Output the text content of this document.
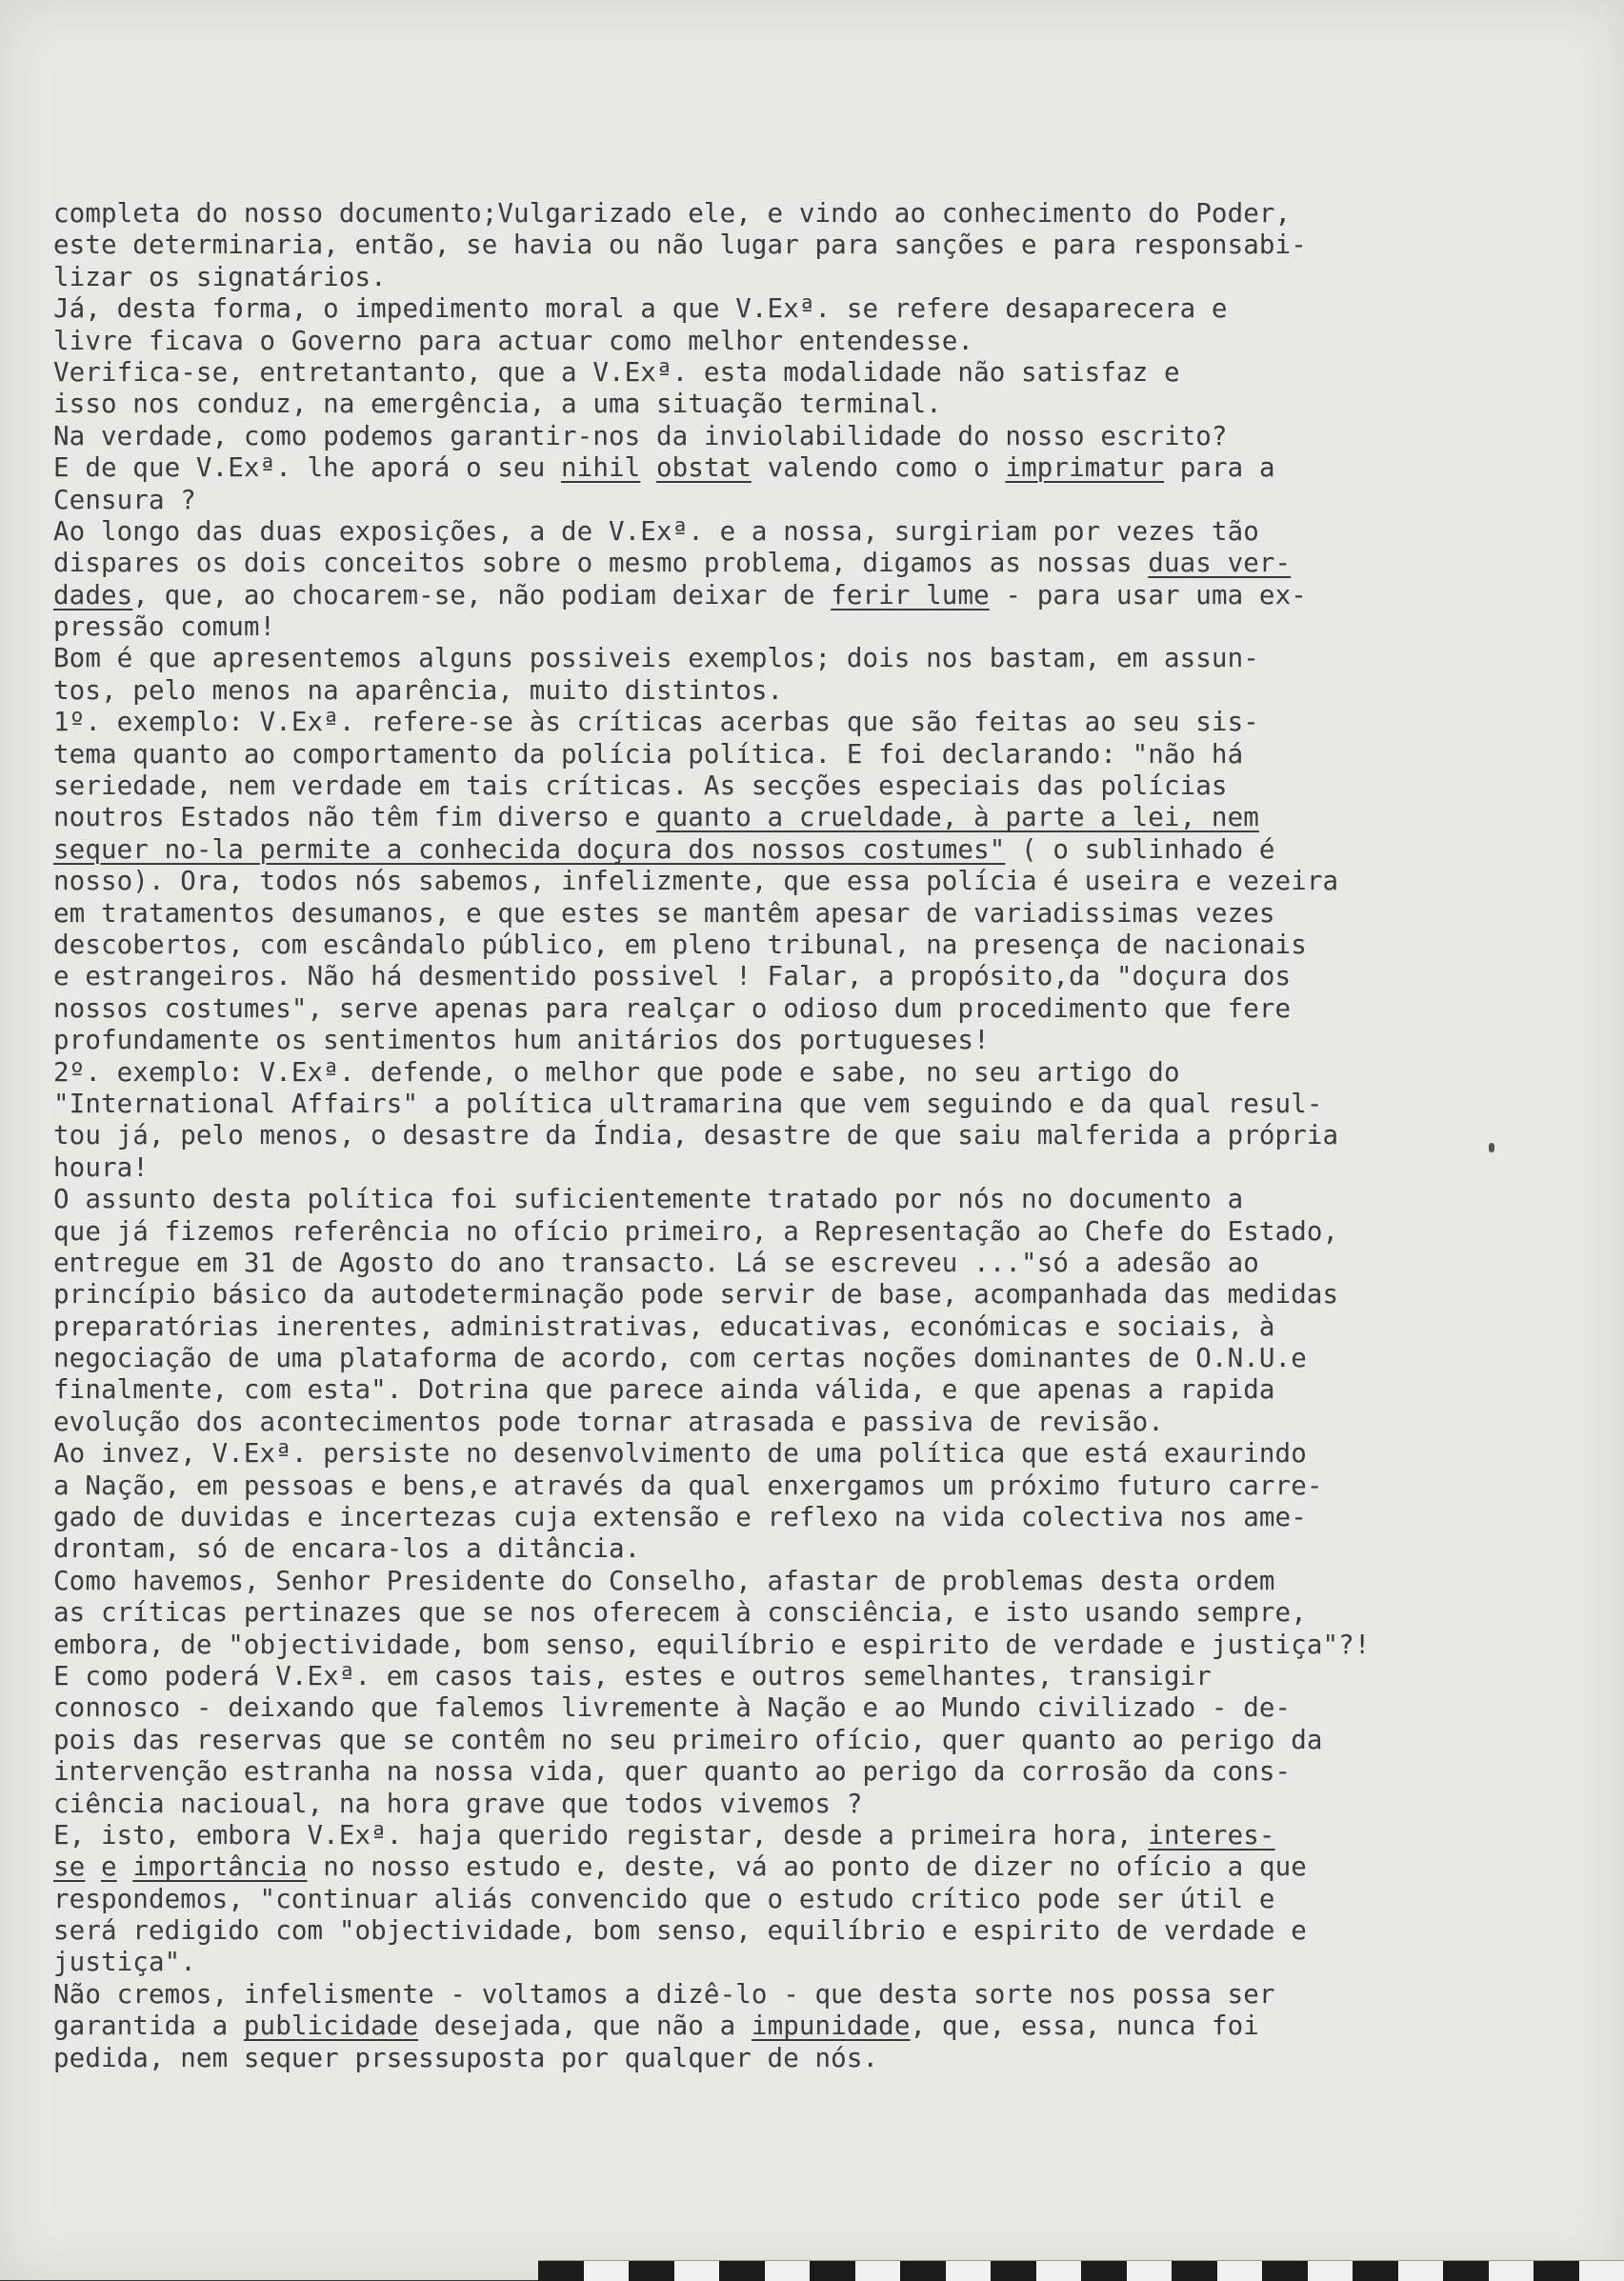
completa do nosso documento;Vulgarizado ele, e vindo ao conhecimento do Poder,
este determinaria, então, se havia ou não lugar para sanções e para responsabi-
lizar os signatários.
Já, desta forma, o impedimento moral a que V.Exª. se refere desaparecera e
livre ficava o Governo para actuar como melhor entendesse.
Verifica-se, entretantanto, que a V.Exª. esta modalidade não satisfaz e
isso nos conduz, na emergência, a uma situação terminal.
Na verdade, como podemos garantir-nos da inviolabilidade do nosso escrito?
E de que V.Exª. lhe aporá o seu nihil obstat valendo como o imprimatur para a
Censura ?
Ao longo das duas exposições, a de V.Exª. e a nossa, surgiriam por vezes tão
dispares os dois conceitos sobre o mesmo problema, digamos as nossas duas ver-
dades, que, ao chocarem-se, não podiam deixar de ferir lume - para usar uma ex-
pressão comum!
Bom é que apresentemos alguns possiveis exemplos; dois nos bastam, em assun-
tos, pelo menos na aparência, muito distintos.
1º. exemplo: V.Exª. refere-se às críticas acerbas que são feitas ao seu sis-
tema quanto ao comportamento da polícia política. E foi declarando: "não há
seriedade, nem verdade em tais críticas. As secções especiais das polícias
noutros Estados não têm fim diverso e quanto a crueldade, à parte a lei, nem
sequer no-la permite a conhecida doçura dos nossos costumes" ( o sublinhado é
nosso). Ora, todos nós sabemos, infelizmente, que essa polícia é useira e vezeira
em tratamentos desumanos, e que estes se mantêm apesar de variadissimas vezes
descobertos, com escândalo público, em pleno tribunal, na presença de nacionais
e estrangeiros. Não há desmentido possivel ! Falar, a propósito,da "doçura dos
nossos costumes", serve apenas para realçar o odioso dum procedimento que fere
profundamente os sentimentos hum anitários dos portugueses!
2º. exemplo: V.Exª. defende, o melhor que pode e sabe, no seu artigo do
"International Affairs" a política ultramarina que vem seguindo e da qual resul-
tou já, pelo menos, o desastre da Índia, desastre de que saiu malferida a própria
houra!
O assunto desta política foi suficientemente tratado por nós no documento a
que já fizemos referência no ofício primeiro, a Representação ao Chefe do Estado,
entregue em 31 de Agosto do ano transacto. Lá se escreveu ..."só a adesão ao
princípio básico da autodeterminação pode servir de base, acompanhada das medidas
preparatórias inerentes, administrativas, educativas, económicas e sociais, à
negociação de uma plataforma de acordo, com certas noções dominantes de O.N.U.e
finalmente, com esta". Dotrina que parece ainda válida, e que apenas a rapida
evolução dos acontecimentos pode tornar atrasada e passiva de revisão.
Ao invez, V.Exª. persiste no desenvolvimento de uma política que está exaurindo
a Nação, em pessoas e bens,e através da qual enxergamos um próximo futuro carre-
gado de duvidas e incertezas cuja extensão e reflexo na vida colectiva nos ame-
drontam, só de encara-los a ditância.
Como havemos, Senhor Presidente do Conselho, afastar de problemas desta ordem
as críticas pertinazes que se nos oferecem à consciência, e isto usando sempre,
embora, de "objectividade, bom senso, equilíbrio e espirito de verdade e justiça"?!
E como poderá V.Exª. em casos tais, estes e outros semelhantes, transigir
connosco - deixando que falemos livremente à Nação e ao Mundo civilizado - de-
pois das reservas que se contêm no seu primeiro ofício, quer quanto ao perigo da
intervenção estranha na nossa vida, quer quanto ao perigo da corrosão da cons-
ciência nacioual, na hora grave que todos vivemos ?
E, isto, embora V.Exª. haja querido registar, desde a primeira hora, interes-
se e importância no nosso estudo e, deste, vá ao ponto de dizer no ofício a que
respondemos, "continuar aliás convencido que o estudo crítico pode ser útil e
será redigido com "objectividade, bom senso, equilíbrio e espirito de verdade e
justiça".
Não cremos, infelismente - voltamos a dizê-lo - que desta sorte nos possa ser
garantida a publicidade desejada, que não a impunidade, que, essa, nunca foi
pedida, nem sequer prsessuposta por qualquer de nós.
